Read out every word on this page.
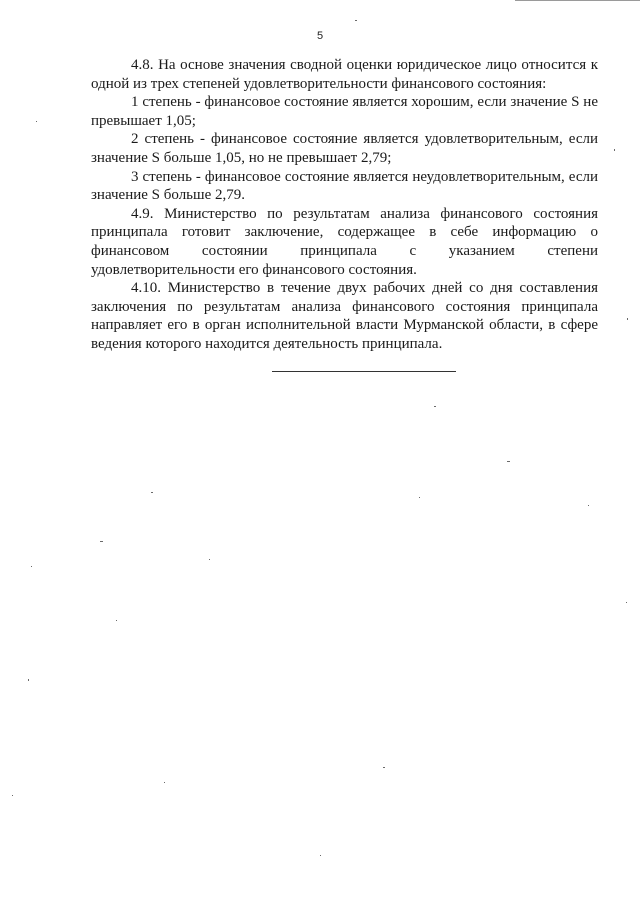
5

4.8. На основе значения сводной оценки юридическое лицо относится к одной из трех степеней удовлетворительности финансового состояния:

1 степень - финансовое состояние является хорошим, если значение S не превышает 1,05;

2 степень - финансовое состояние является удовлетворительным, если значение S больше 1,05, но не превышает 2,79;

3 степень - финансовое состояние является неудовлетворительным, если значение S больше 2,79.

4.9. Министерство по результатам анализа финансового состояния принципала готовит заключение, содержащее в себе информацию о финансовом состоянии принципала с указанием степени удовлетворительности его финансового состояния.

4.10. Министерство в течение двух рабочих дней со дня составления заключения по результатам анализа финансового состояния принципала направляет его в орган исполнительной власти Мурманской области, в сфере ведения которого находится деятельность принципала.
